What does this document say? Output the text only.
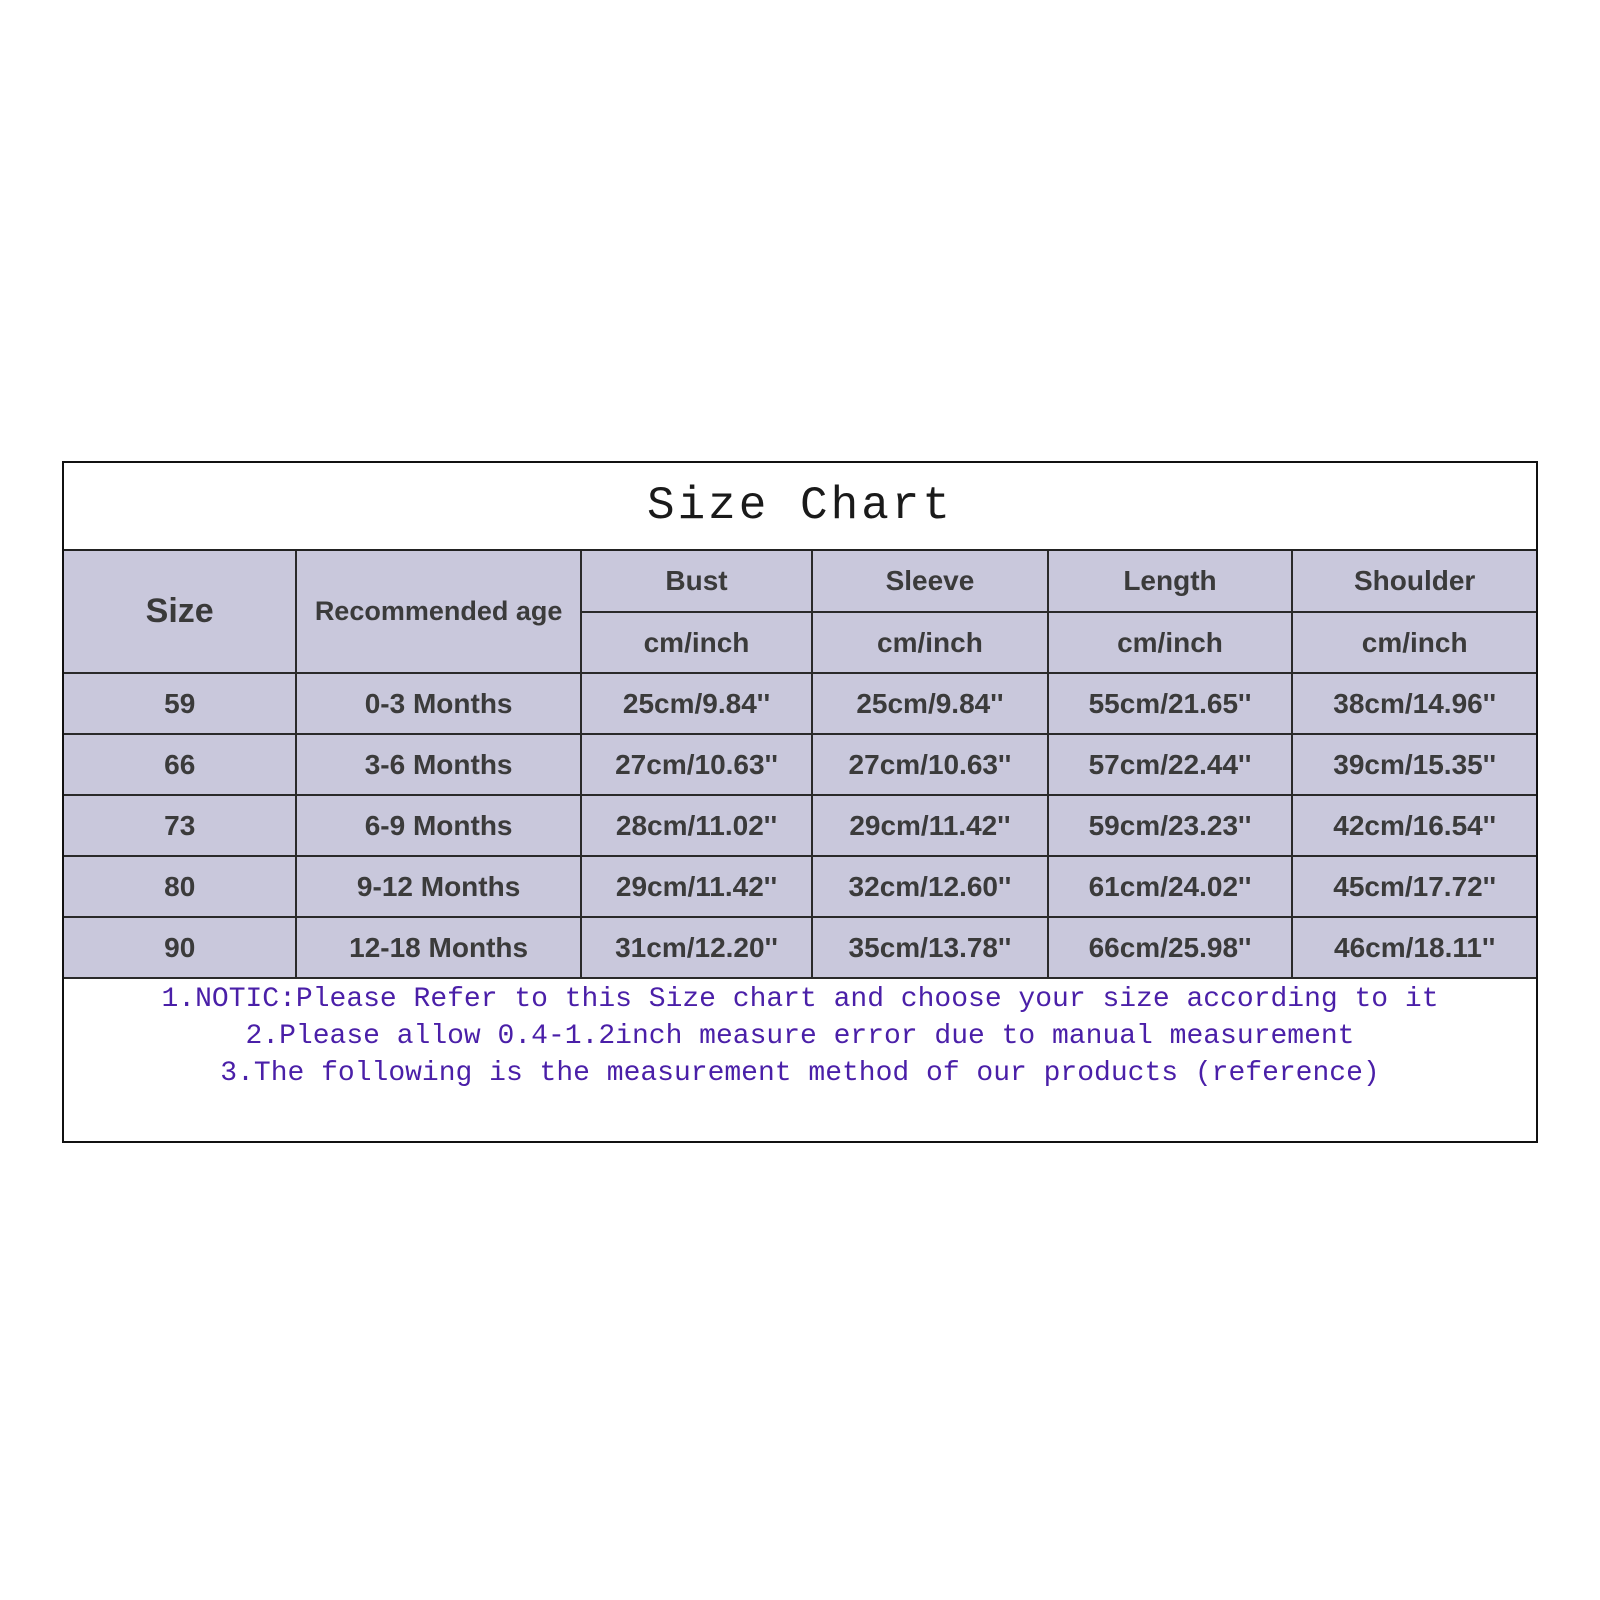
Size Chart
Size	Recommended age	Bust	Sleeve	Length	Shoulder
		cm/inch	cm/inch	cm/inch	cm/inch
59	0-3 Months	25cm/9.84''	25cm/9.84''	55cm/21.65''	38cm/14.96''
66	3-6 Months	27cm/10.63''	27cm/10.63''	57cm/22.44''	39cm/15.35''
73	6-9 Months	28cm/11.02''	29cm/11.42''	59cm/23.23''	42cm/16.54''
80	9-12 Months	29cm/11.42''	32cm/12.60''	61cm/24.02''	45cm/17.72''
90	12-18 Months	31cm/12.20''	35cm/13.78''	66cm/25.98''	46cm/18.11''
1.NOTIC:Please Refer to this Size chart and choose your size according to it
2.Please allow 0.4-1.2inch measure error due to manual measurement
3.The following is the measurement method of our products (reference)
